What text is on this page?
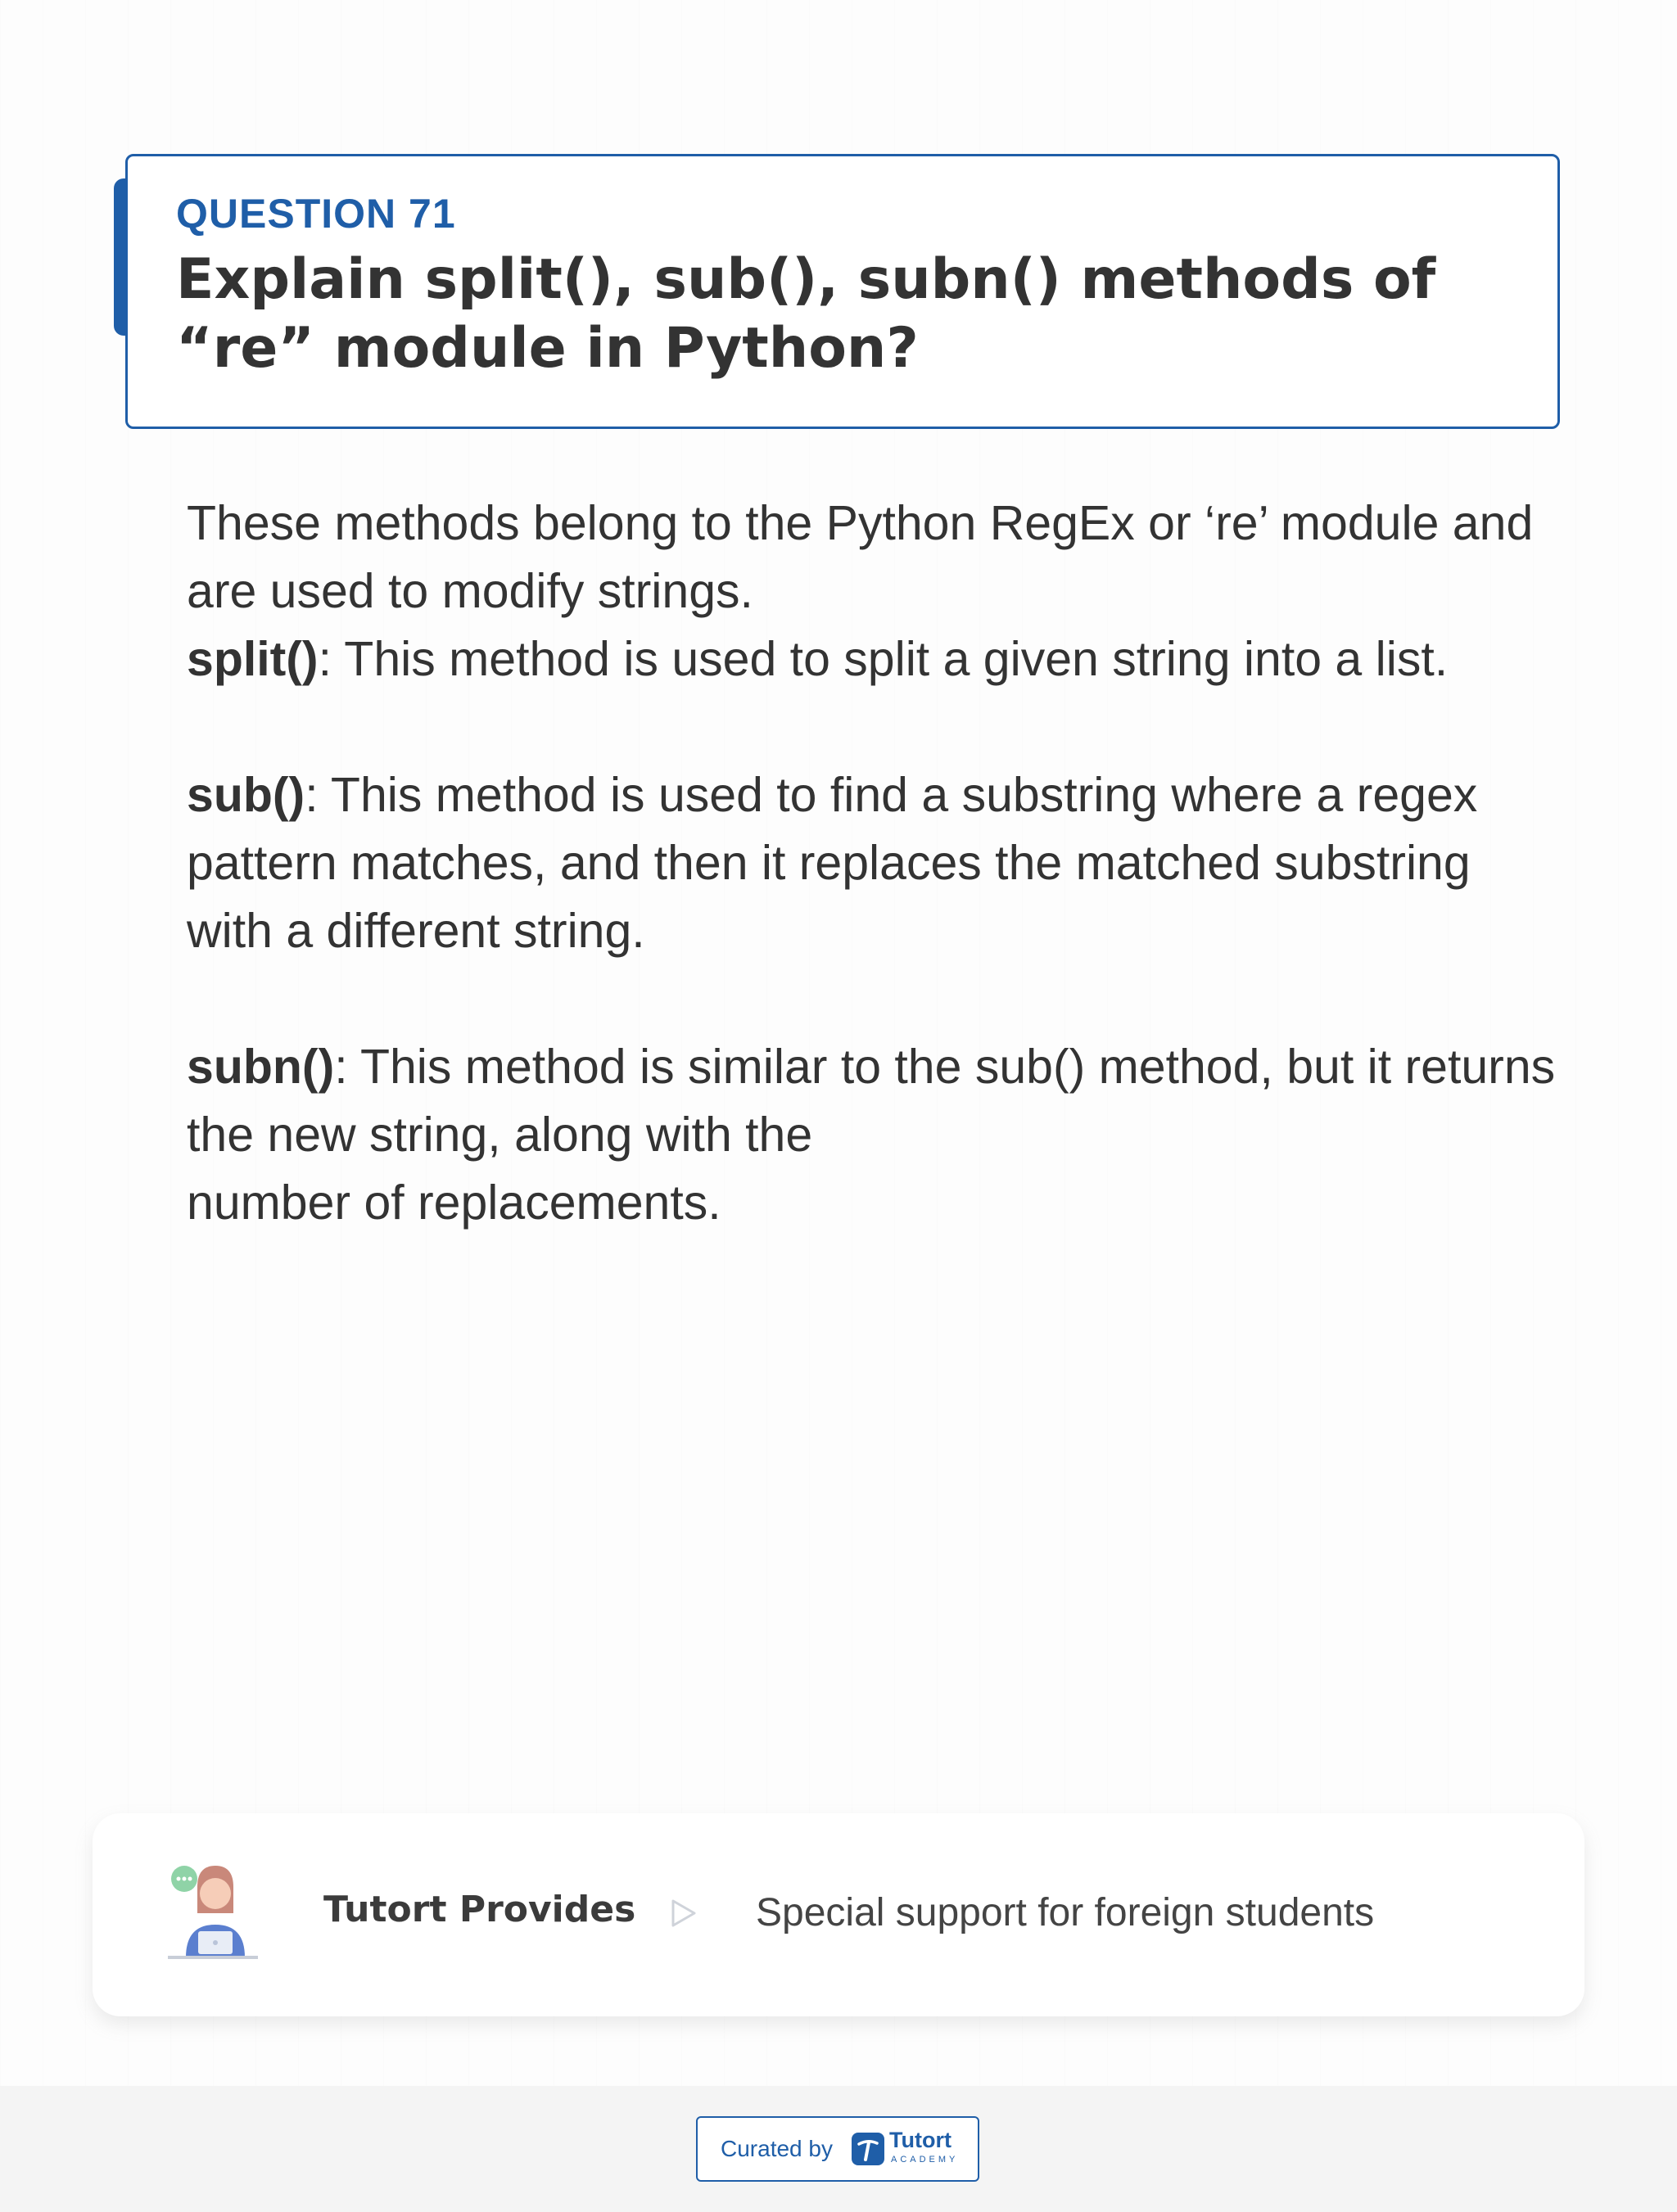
QUESTION 71
Explain split(), sub(), subn() methods of “re” module in Python?

These methods belong to the Python RegEx or ‘re’ module and are used to modify strings.

split(): This method is used to split a given string into a list.

sub(): This method is used to find a substring where a regex pattern matches, and then it replaces the matched substring with a different string.

subn(): This method is similar to the sub() method, but it returns the new string, along with the

number of replacements.

Tutort Provides	Special support for foreign students
Curated by	Tutort
ACADEMY
